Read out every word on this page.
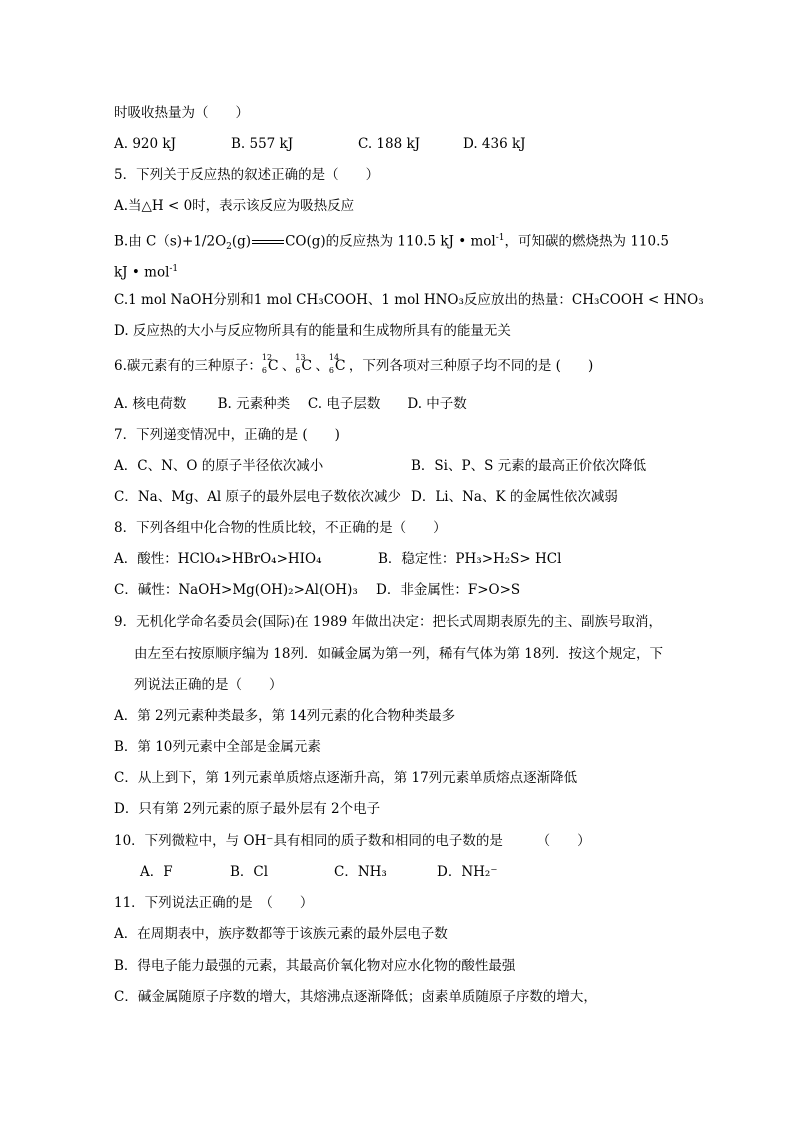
时吸收热量为（　　）
A. 920 kJ	B. 557 kJ	C. 188 kJ	D. 436 kJ
5．下列关于反应热的叙述正确的是（　　）
A.当△H < 0时，表示该反应为吸热反应
B.由 $C(s)+1/2O_2(g)$	CO(g)的反应热为 110.5 kJ • mol$^{-1}$，可知碳的燃烧热为 110.5
kJ • mol$^{-1}$
C.1 mol NaOH分别和1 mol CH₃COOH、1 mol HNO₃反应放出的热量：CH₃COOH < HNO₃
D. 反应热的大小与反应物所具有的能量和生成物所具有的能量无关
6.碳元素有的三种原子：
12
6 C 、
13
6 C 、
14
6 C ，下列各项对三种原子均不同的是 (　　)
A. 核电荷数　　 B. 元素种类　 C. 电子层数　　D. 中子数
7．下列递变情况中，正确的是 (　　)
A．C、N、O 的原子半径依次减小	B．Si、P、S 元素的最高正价依次降低
C．Na、Mg、Al 原子的最外层电子数依次减少 D．Li、Na、K 的金属性依次减弱
8．下列各组中化合物的性质比较，不正确的是（　　）
A．酸性：HClO₄>HBrO₄>HIO₄	B．稳定性：PH₃>H₂S> HCl
C．碱性：NaOH>Mg(OH)₂>Al(OH)₃ D．非金属性：F>O>S
9．无机化学命名委员会(国际)在 1989 年做出决定：把长式周期表原先的主、副族号取消，
由左至右按原顺序编为 18列．如碱金属为第一列，稀有气体为第 18列．按这个规定，下
列说法正确的是（　　）
A．第 2列元素种类最多，第 14列元素的化合物种类最多
B．第 10列元素中全部是金属元素
C．从上到下，第 1列元素单质熔点逐渐升高，第 17列元素单质熔点逐渐降低
D．只有第 2列元素的原子最外层有 2个电子
10．下列微粒中，与 OH⁻具有相同的质子数和相同的电子数的是　　　（　　）
A．F	B．Cl	C．NH₃	D．NH₂⁻
11．下列说法正确的是　（　　）
A．在周期表中，族序数都等于该族元素的最外层电子数
B．得电子能力最强的元素，其最高价氧化物对应水化物的酸性最强
C．碱金属随原子序数的增大，其熔沸点逐渐降低；卤素单质随原子序数的增大，
